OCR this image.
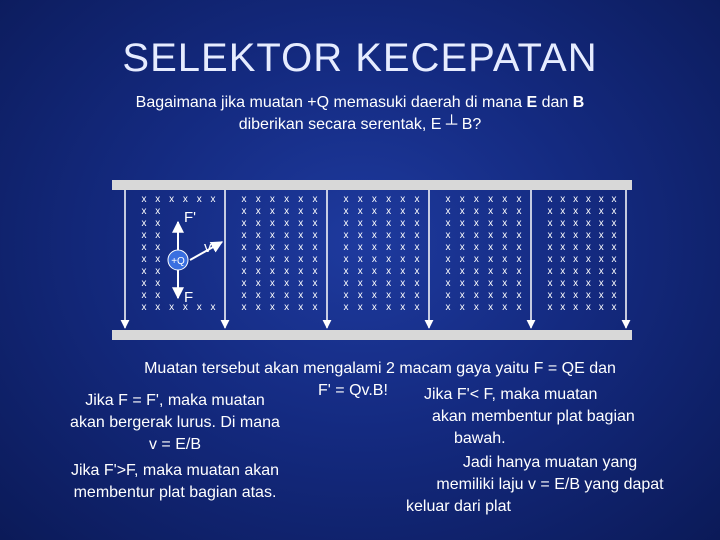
SELEKTOR KECEPATAN
Bagaimana jika muatan +Q memasuki daerah di mana E dan B
diberikan secara serentak, E ┴ B?
x x x x x x	x x x x x x	x x x x x x	x x x x x x	x x x x x x
x x	x x x x x x	x x x x x x	x x x x x x	x x x x x x
x x	x x x x x x	x x x x x x	x x x x x x	x x x x x x
x x	x x x x x x	x x x x x x	x x x x x x	x x x x x x
x x	x x x x x x	x x x x x x	x x x x x x	x x x x x x
x x	x x x x x x	x x x x x x	x x x x x x	x x x x x x
x x	x x x x x x	x x x x x x	x x x x x x	x x x x x x
x x	x x x x x x	x x x x x x	x x x x x x	x x x x x x
x x	x x x x x x	x x x x x x	x x x x x x	x x x x x x
x x x x x x	x x x x x x	x x x x x x	x x x x x x	x x x x x x
+Q
F'
F
v
Muatan tersebut akan mengalami 2 macam gaya yaitu F = QE dan
F' = Qv.B!
Jika F = F', maka muatan
akan bergerak lurus. Di mana
v = E/B
Jika F'>F, maka muatan akan
membentur plat bagian atas.
Jika F'< F, maka muatan
akan membentur plat bagian
bawah.
Jadi hanya muatan yang
memiliki laju v = E/B yang dapat
keluar dari plat
